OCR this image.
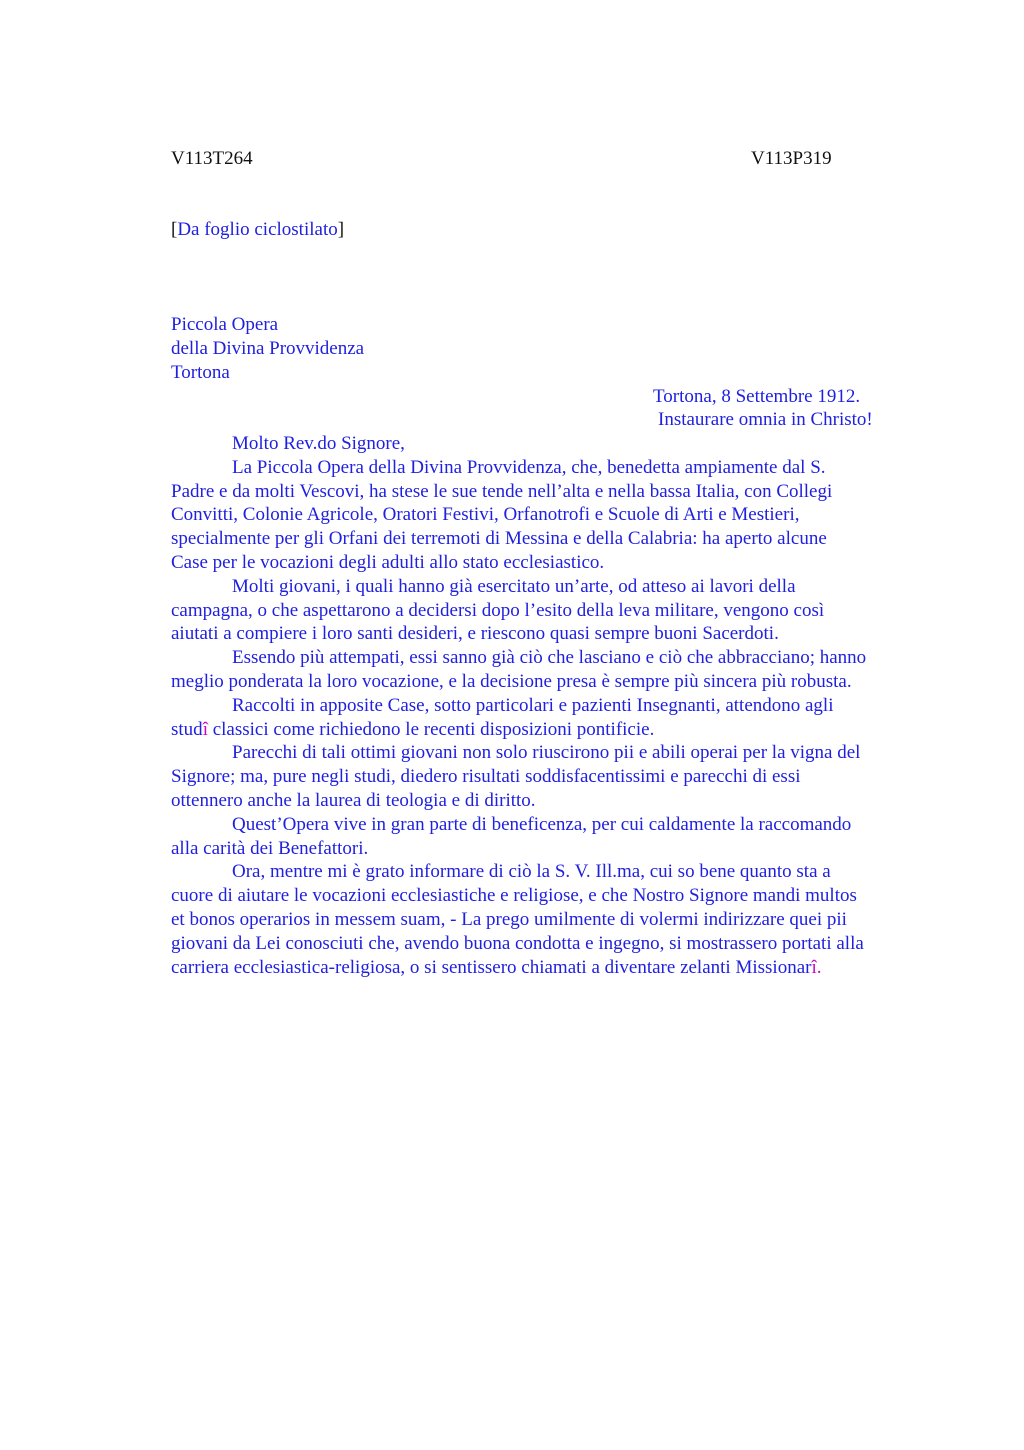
V113T264	V113P319
[Da foglio ciclostilato]
Piccola Opera
della Divina Provvidenza
Tortona
Tortona, 8 Settembre 1912.
Instaurare omnia in Christo!
Molto Rev.do Signore,
La Piccola Opera della Divina Provvidenza, che, benedetta ampiamente dal S.
Padre e da molti Vescovi, ha stese le sue tende nell’alta e nella bassa Italia, con Collegi
Convitti, Colonie Agricole, Oratori Festivi, Orfanotrofi e Scuole di Arti e Mestieri,
specialmente per gli Orfani dei terremoti di Messina e della Calabria: ha aperto alcune
Case per le vocazioni degli adulti allo stato ecclesiastico.
Molti giovani, i quali hanno già esercitato un’arte, od atteso ai lavori della
campagna, o che aspettarono a decidersi dopo l’esito della leva militare, vengono così
aiutati a compiere i loro santi desideri, e riescono quasi sempre buoni Sacerdoti.
Essendo più attempati, essi sanno già ciò che lasciano e ciò che abbracciano; hanno
meglio ponderata la loro vocazione, e la decisione presa è sempre più sincera più robusta.
Raccolti in apposite Case, sotto particolari e pazienti Insegnanti, attendono agli
studî classici come richiedono le recenti disposizioni pontificie.
Parecchi di tali ottimi giovani non solo riuscirono pii e abili operai per la vigna del
Signore; ma, pure negli studi, diedero risultati soddisfacentissimi e parecchi di essi
ottennero anche la laurea di teologia e di diritto.
Quest’Opera vive in gran parte di beneficenza, per cui caldamente la raccomando
alla carità dei Benefattori.
Ora, mentre mi è grato informare di ciò la S. V. Ill.ma, cui so bene quanto sta a
cuore di aiutare le vocazioni ecclesiastiche e religiose, e che Nostro Signore mandi multos
et bonos operarios in messem suam, - La prego umilmente di volermi indirizzare quei pii
giovani da Lei conosciuti che, avendo buona condotta e ingegno, si mostrassero portati alla
carriera ecclesiastica-religiosa, o si sentissero chiamati a diventare zelanti Missionarî.
